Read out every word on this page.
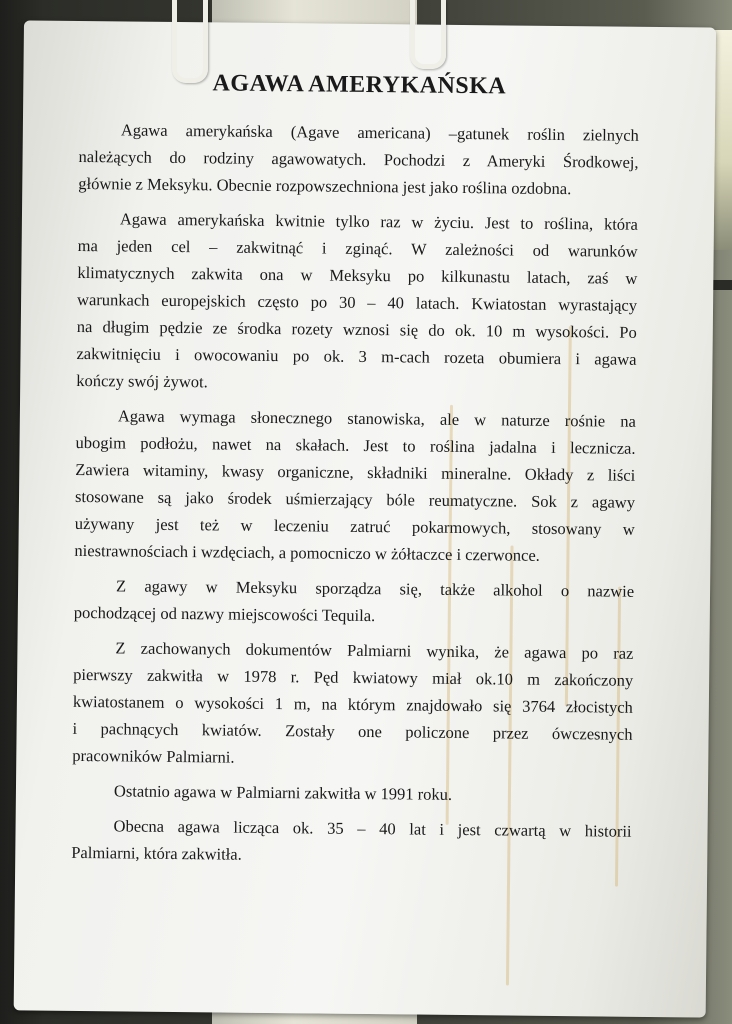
AGAWA AMERYKAŃSKA
Agawa amerykańska (Agave americana) –gatunek roślin zielnych
należących do rodziny agawowatych. Pochodzi z Ameryki Środkowej,
głównie z Meksyku. Obecnie rozpowszechniona jest jako roślina ozdobna.
Agawa amerykańska kwitnie tylko raz w życiu. Jest to roślina, która
ma jeden cel – zakwitnąć i zginąć. W zależności od warunków
klimatycznych zakwita ona w Meksyku po kilkunastu latach, zaś w
warunkach europejskich często po 30 – 40 latach. Kwiatostan wyrastający
na długim pędzie ze środka rozety wznosi się do ok. 10 m wysokości. Po
zakwitnięciu i owocowaniu po ok. 3 m-cach rozeta obumiera i agawa
kończy swój żywot.
Agawa wymaga słonecznego stanowiska, ale w naturze rośnie na
ubogim podłożu, nawet na skałach. Jest to roślina jadalna i lecznicza.
Zawiera witaminy, kwasy organiczne, składniki mineralne. Okłady z liści
stosowane są jako środek uśmierzający bóle reumatyczne. Sok z agawy
używany jest też w leczeniu zatruć pokarmowych, stosowany w
niestrawnościach i wzdęciach, a pomocniczo w żółtaczce i czerwonce.
Z agawy w Meksyku sporządza się, także alkohol o nazwie
pochodzącej od nazwy miejscowości Tequila.
Z zachowanych dokumentów Palmiarni wynika, że agawa po raz
pierwszy zakwitła w 1978 r. Pęd kwiatowy miał ok.10 m zakończony
kwiatostanem o wysokości 1 m, na którym znajdowało się 3764 złocistych
i pachnących kwiatów. Zostały one policzone przez ówczesnych
pracowników Palmiarni.
Ostatnio agawa w Palmiarni zakwitła w 1991 roku.
Obecna agawa licząca ok. 35 – 40 lat i jest czwartą w historii
Palmiarni, która zakwitła.
